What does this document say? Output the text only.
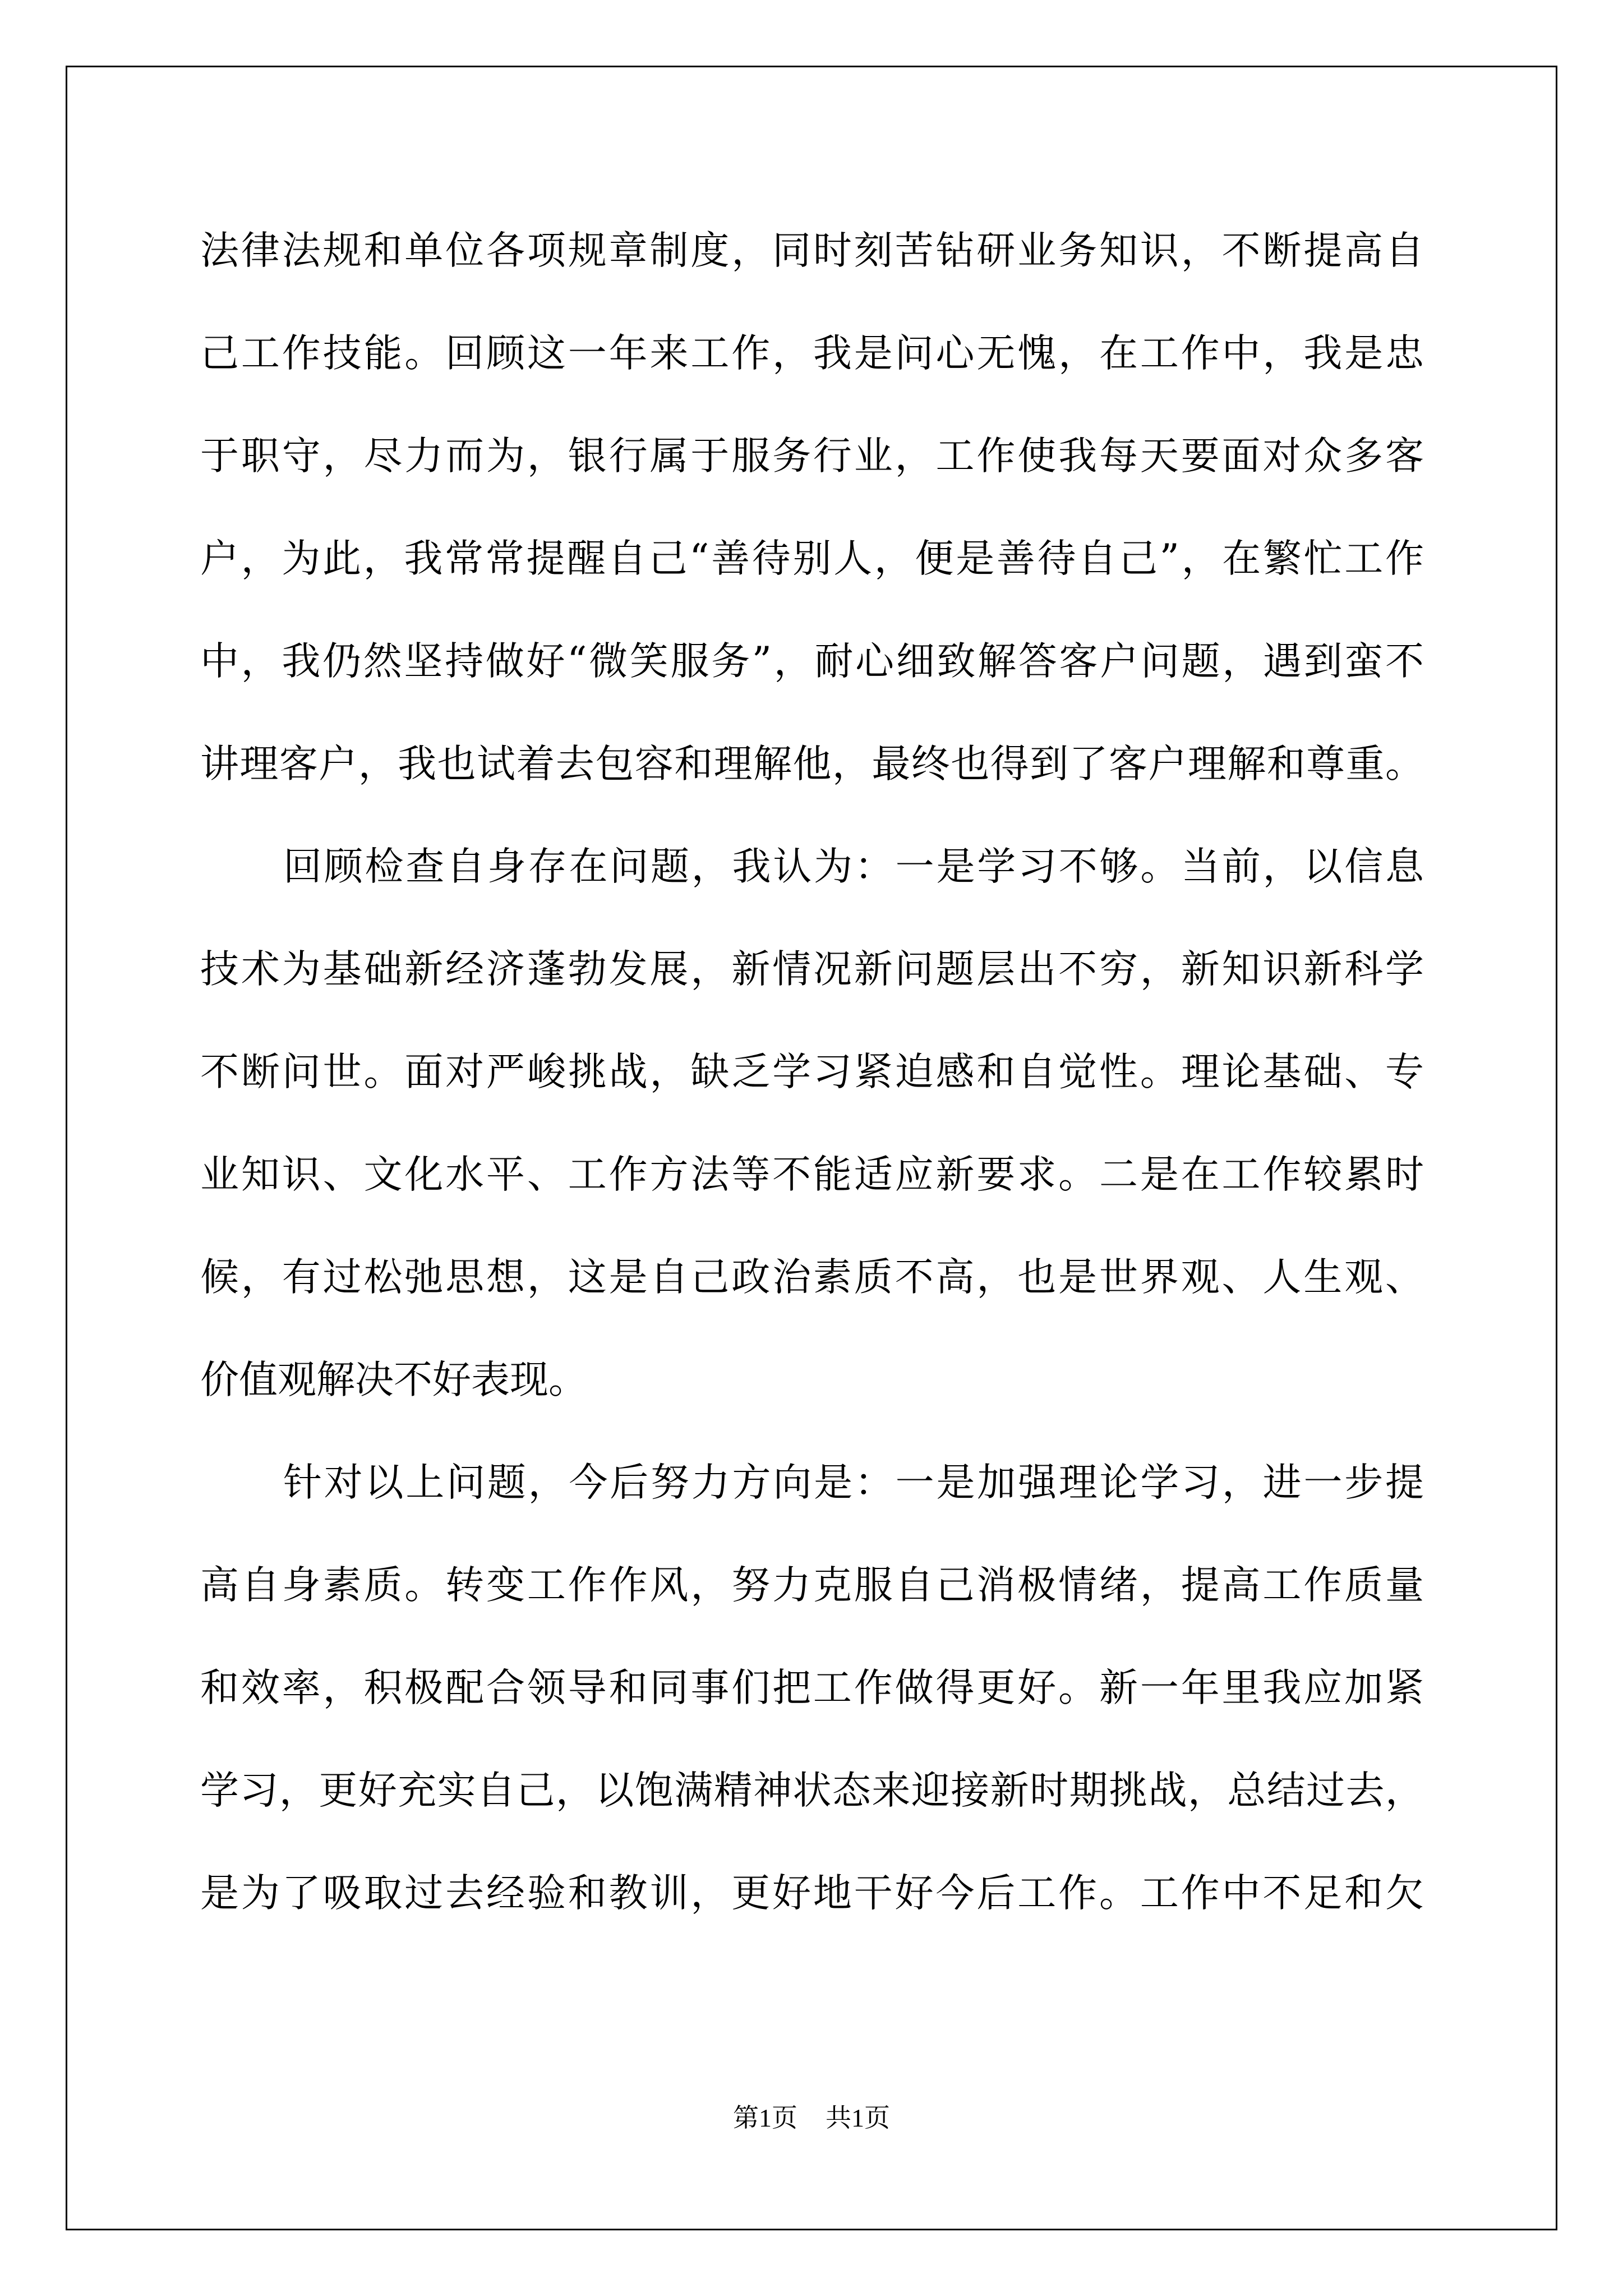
法律法规和单位各项规章制度，同时刻苦钻研业务知识，不断提高自
己工作技能。回顾这一年来工作，我是问心无愧，在工作中，我是忠
于职守，尽力而为，银行属于服务行业，工作使我每天要面对众多客
户，为此，我常常提醒自己“善待别人，便是善待自己”，在繁忙工作
中，我仍然坚持做好“微笑服务”，耐心细致解答客户问题，遇到蛮不
讲理客户，我也试着去包容和理解他，最终也得到了客户理解和尊重。
回顾检查自身存在问题，我认为：一是学习不够。当前，以信息
技术为基础新经济蓬勃发展，新情况新问题层出不穷，新知识新科学
不断问世。面对严峻挑战，缺乏学习紧迫感和自觉性。理论基础、专
业知识、文化水平、工作方法等不能适应新要求。二是在工作较累时
候，有过松弛思想，这是自己政治素质不高，也是世界观、人生观、
价值观解决不好表现。
针对以上问题，今后努力方向是：一是加强理论学习，进一步提
高自身素质。转变工作作风，努力克服自己消极情绪，提高工作质量
和效率，积极配合领导和同事们把工作做得更好。新一年里我应加紧
学习，更好充实自己，以饱满精神状态来迎接新时期挑战，总结过去，
是为了吸取过去经验和教训，更好地干好今后工作。工作中不足和欠
第1页 共1页
